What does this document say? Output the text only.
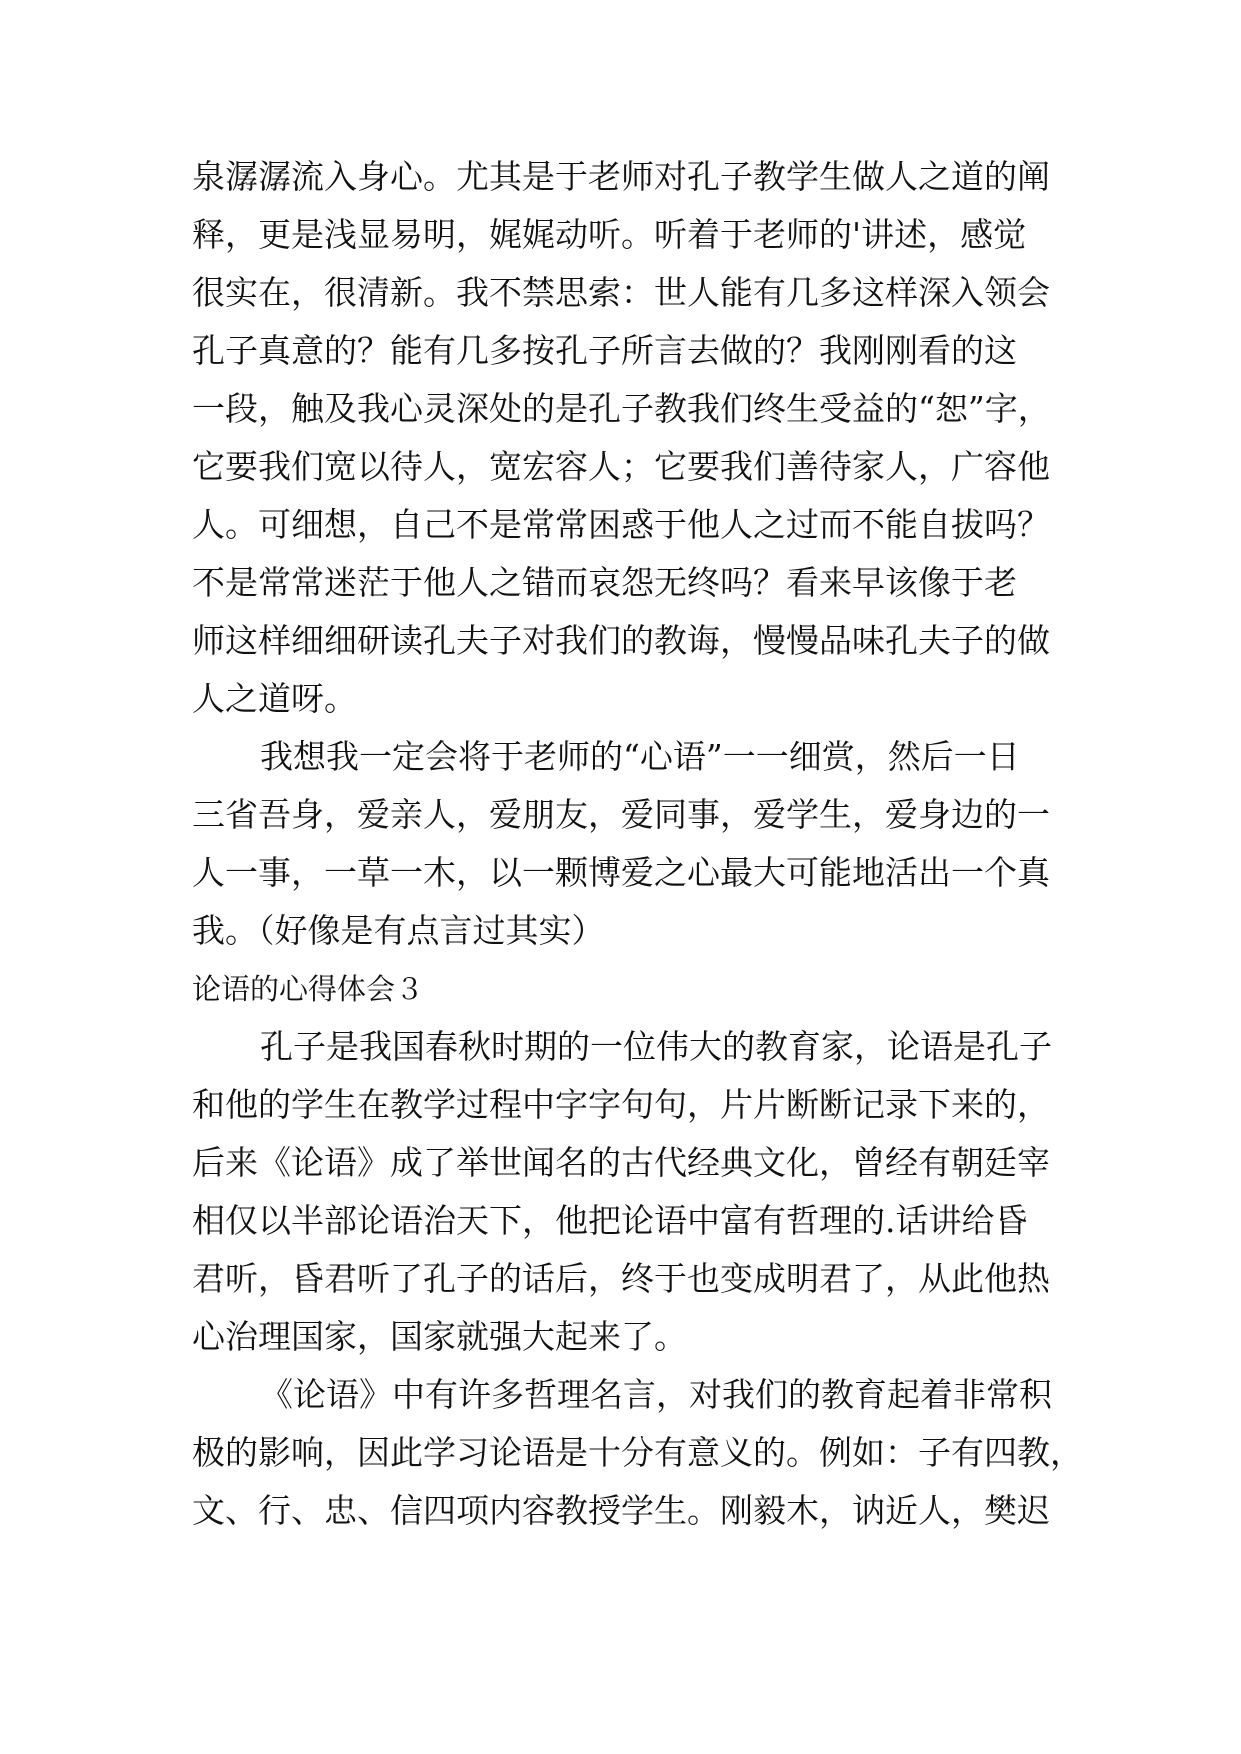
泉潺潺流入身心。尤其是于老师对孔子教学生做人之道的阐
释，更是浅显易明，娓娓动听。听着于老师的'讲述，感觉
很实在，很清新。我不禁思索：世人能有几多这样深入领会
孔子真意的？能有几多按孔子所言去做的？我刚刚看的这
一段，触及我心灵深处的是孔子教我们终生受益的“恕”字，
它要我们宽以待人，宽宏容人；它要我们善待家人，广容他
人。可细想，自己不是常常困惑于他人之过而不能自拔吗？
不是常常迷茫于他人之错而哀怨无终吗？看来早该像于老
师这样细细研读孔夫子对我们的教诲，慢慢品味孔夫子的做
人之道呀。
我想我一定会将于老师的“心语”一一细赏，然后一日
三省吾身，爱亲人，爱朋友，爱同事，爱学生，爱身边的一
人一事，一草一木，以一颗博爱之心最大可能地活出一个真
我。（好像是有点言过其实）
论语的心得体会３
孔子是我国春秋时期的一位伟大的教育家，论语是孔子
和他的学生在教学过程中字字句句，片片断断记录下来的，
后来《论语》成了举世闻名的古代经典文化，曾经有朝廷宰
相仅以半部论语治天下，他把论语中富有哲理的.话讲给昏
君听，昏君听了孔子的话后，终于也变成明君了，从此他热
心治理国家，国家就强大起来了。
《论语》中有许多哲理名言，对我们的教育起着非常积
极的影响，因此学习论语是十分有意义的。例如：子有四教，
文、行、忠、信四项内容教授学生。刚毅木，讷近人，樊迟
